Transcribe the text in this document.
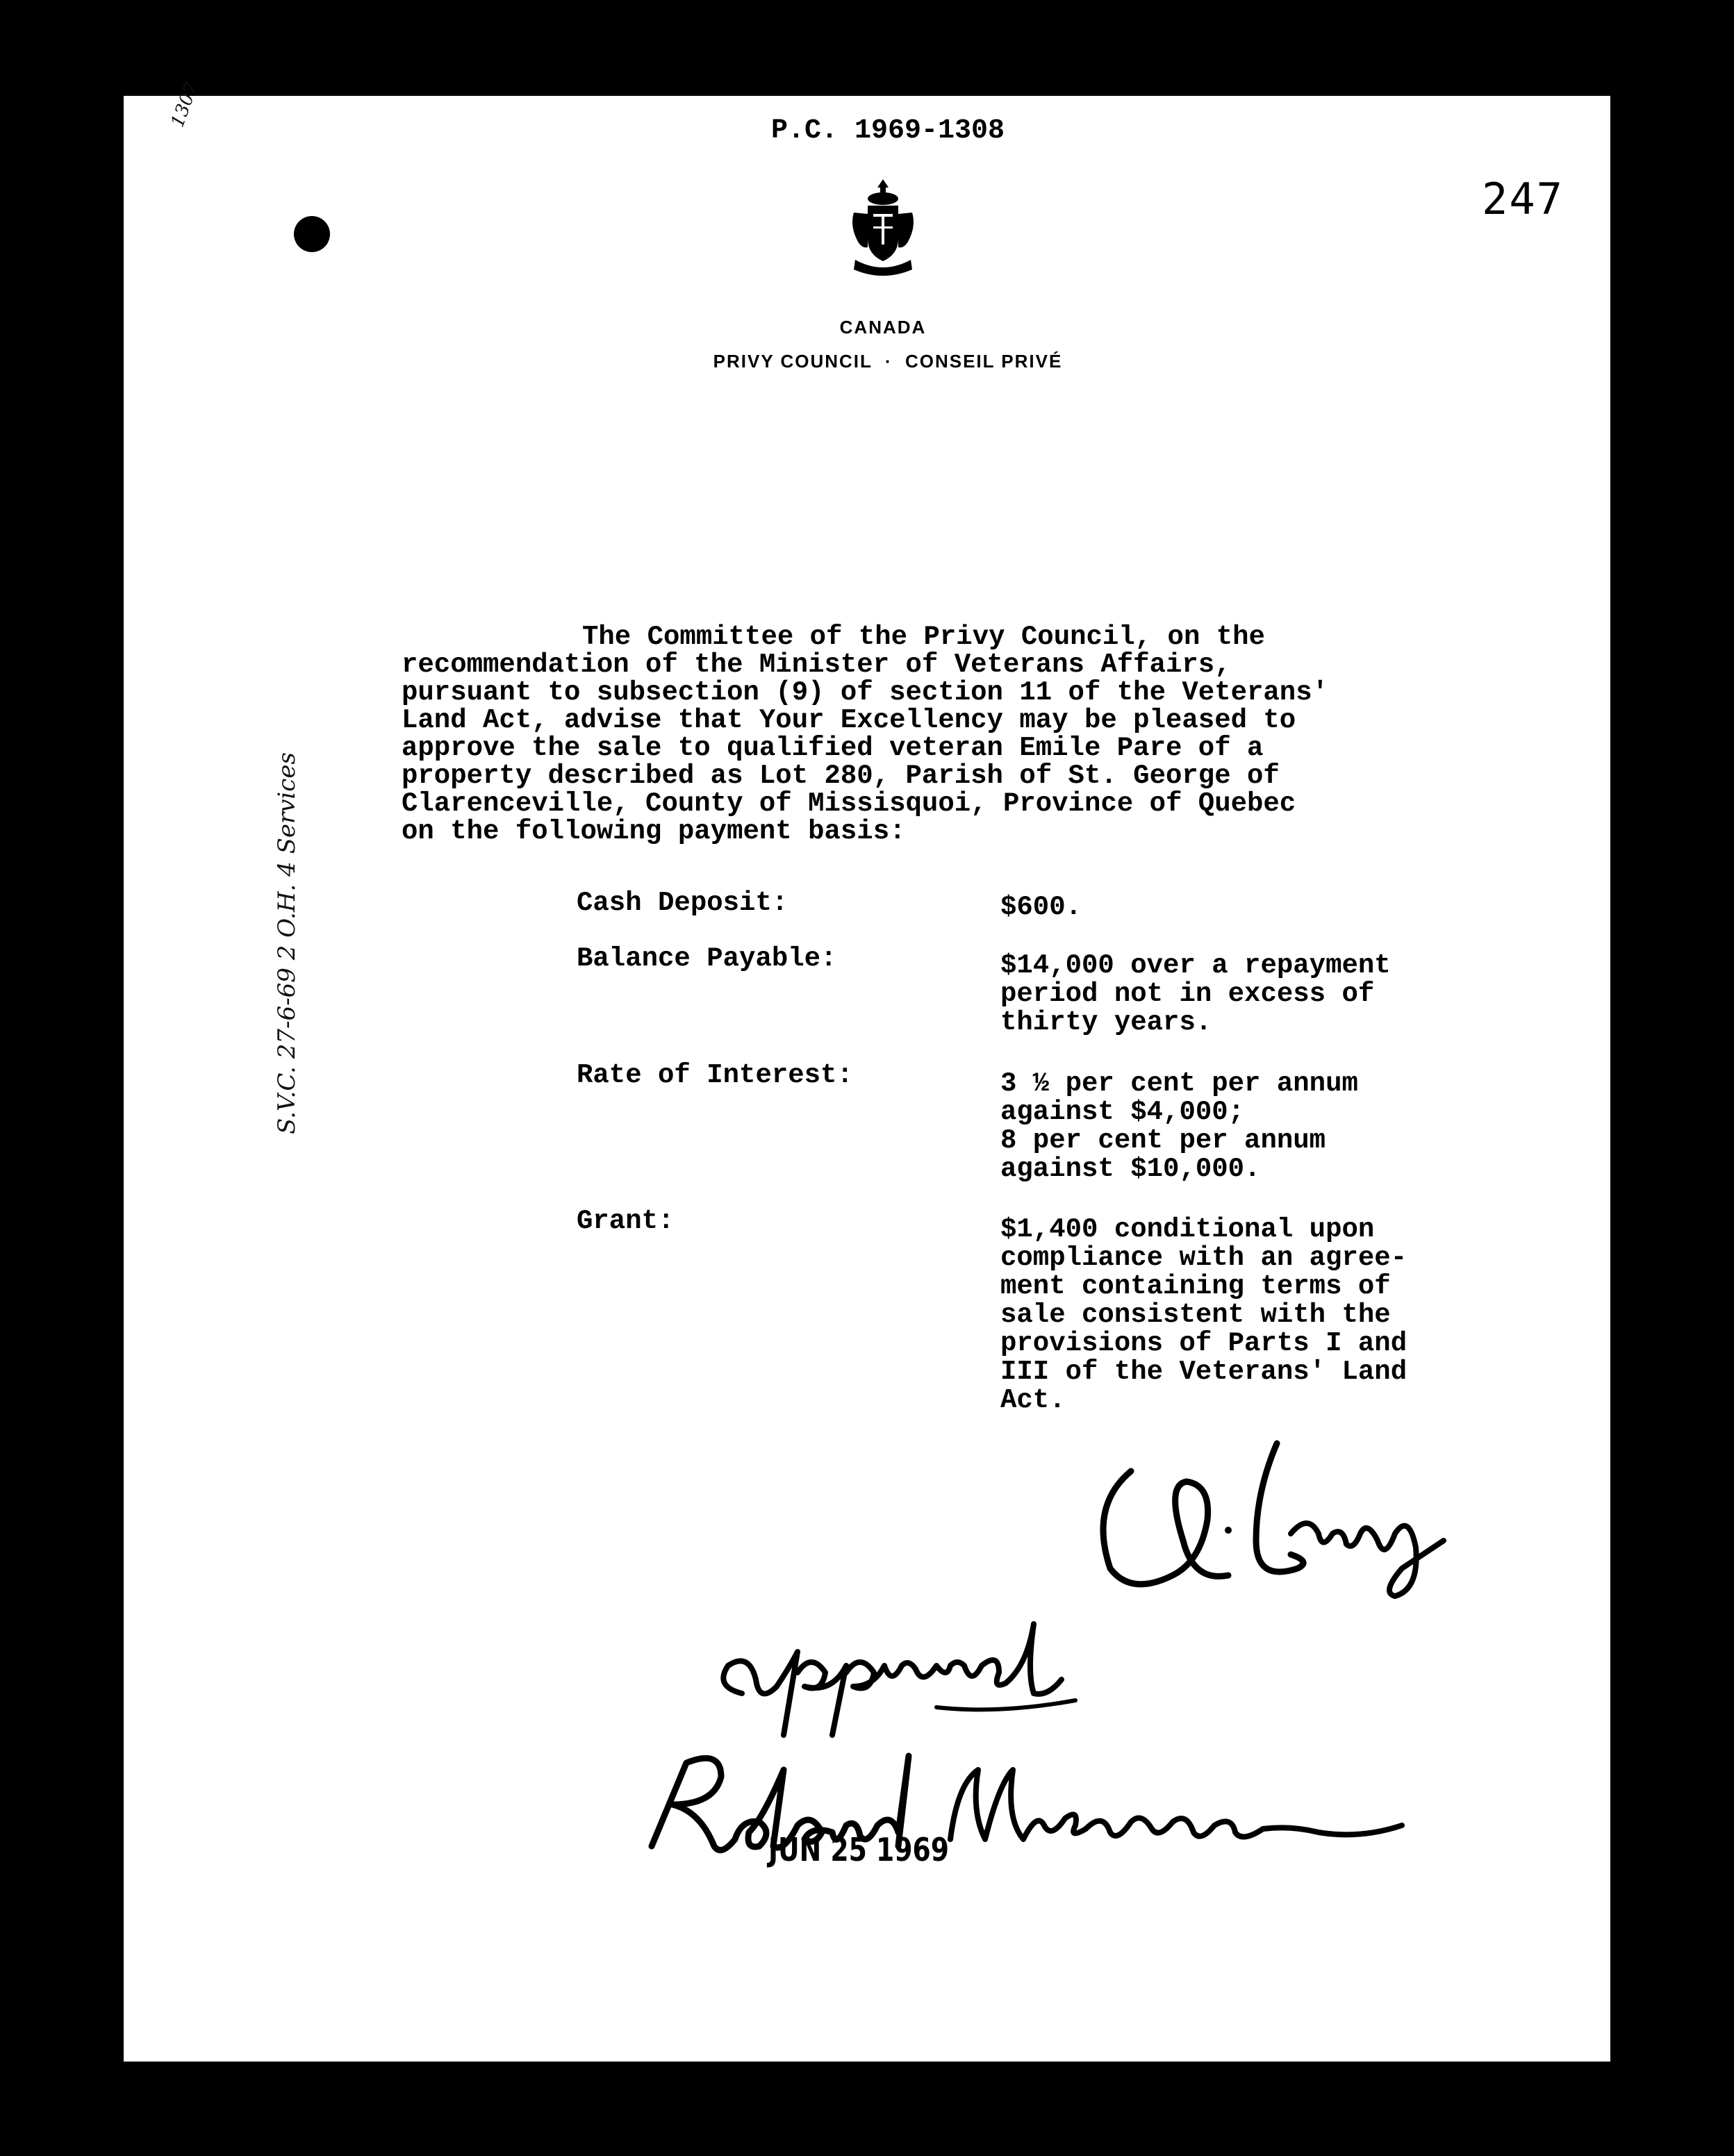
1307
P.C. 1969-1308
247
CANADA
PRIVY COUNCIL  ·  CONSEIL PRIVÉ
The Committee of the Privy Council, on the
recommendation of the Minister of Veterans Affairs,
pursuant to subsection (9) of section 11 of the Veterans'
Land Act, advise that Your Excellency may be pleased to
approve the sale to qualified veteran Emile Pare of a
property described as Lot 280, Parish of St. George of
Clarenceville, County of Missisquoi, Province of Quebec
on the following payment basis:
Cash Deposit:	$600.
Balance Payable:	$14,000 over a repayment
period not in excess of
thirty years.
Rate of Interest:	3 ½ per cent per annum
against $4,000;
8 per cent per annum
against $10,000.
Grant:	$1,400 conditional upon
compliance with an agree-
ment containing terms of
sale consistent with the
provisions of Parts I and
III of the Veterans' Land
Act.
JUN 25 1969
S.V.C. 27-6-69 2 O.H. 4 Services
